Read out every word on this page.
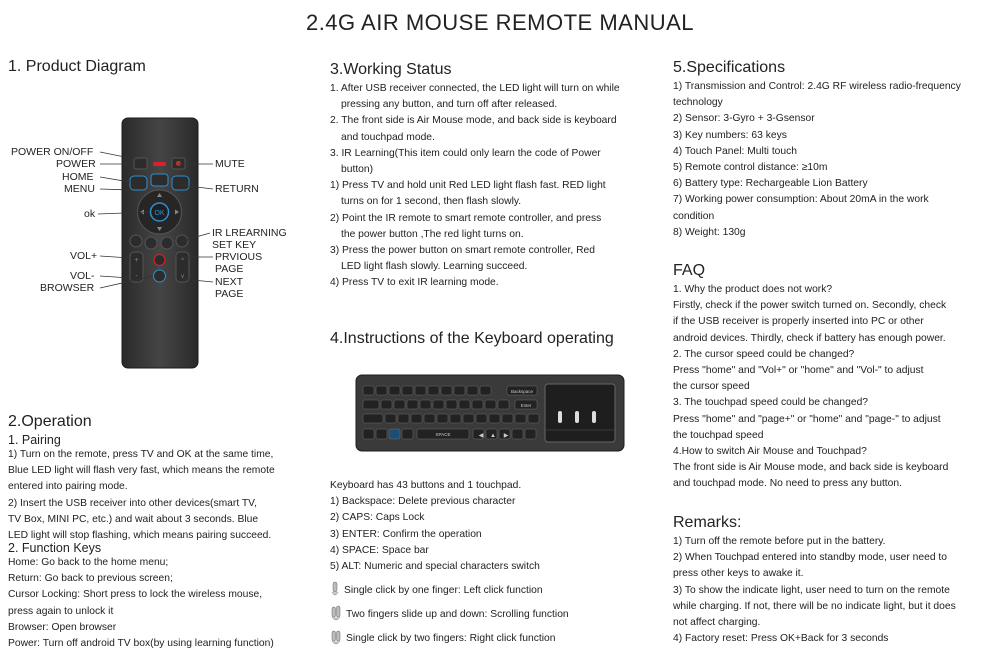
2.4G AIR MOUSE REMOTE MANUAL
1. Product Diagram
OK
+
-
^
v
POWER ON/OFF
POWER
HOME
MENU
ok
VOL+
VOL-
BROWSER
MUTE
RETURN
IR LREARNING
SET KEY
PRVIOUS
PAGE
NEXT
PAGE
2.Operation
1. Pairing
1) Turn on the remote, press TV and OK at the same time,
Blue LED light will flash very fast, which means the remote
entered into pairing mode.
2) Insert the USB receiver into other devices(smart TV,
TV Box, MINI PC, etc.) and wait about 3 seconds. Blue
LED light will stop flashing, which means pairing succeed.
2. Function Keys
Home: Go back to the home menu;
Return: Go back to previous screen;
Cursor Locking: Short press to lock the wireless mouse,
press again to unlock it
Browser: Open browser
Power: Turn off android TV box(by using learning function)
3.Working Status
1. After USB receiver connected, the LED light will turn on while
pressing any button, and turn off after released.
2. The front side is Air Mouse mode, and back side is keyboard
and touchpad mode.
3. IR Learning(This item could only learn the code of Power
button)
1) Press TV and hold unit Red LED light flash fast. RED light
turns on for 1 second, then flash slowly.
2) Point the IR remote to smart remote controller, and press
the power button ,The red light turns on.
3) Press the power button on smart remote controller, Red
LED light flash slowly. Learning succeed.
4) Press TV to exit IR learning mode.
4.Instructions of the Keyboard operating
Backspace
Enter
SPACE	◀ ▲ ▶
Keyboard has 43 buttons and 1 touchpad.
1) Backspace: Delete previous character
2) CAPS: Caps Lock
3) ENTER: Confirm the operation
4) SPACE: Space bar
5) ALT: Numeric and special characters switch
Single click by one finger: Left click function
Two fingers slide up and down: Scrolling function
Single click by two fingers: Right click function
5.Specifications
1) Transmission and Control: 2.4G RF wireless radio-frequency
technology
2) Sensor: 3-Gyro + 3-Gsensor
3) Key numbers: 63 keys
4) Touch Panel: Multi touch
5) Remote control distance: ≥10m
6) Battery type: Rechargeable Lion Battery
7) Working power consumption: About 20mA in the work
condition
8) Weight: 130g
FAQ
1. Why the product does not work?
Firstly, check if the power switch turned on. Secondly, check
if the USB receiver is properly inserted into PC or other
android devices. Thirdly, check if battery has enough power.
2. The cursor speed could be changed?
Press "home" and "Vol+" or "home" and "Vol-" to adjust
the cursor speed
3. The touchpad speed could be changed?
Press "home" and "page+" or "home" and "page-" to adjust
the touchpad speed
4.How to switch Air Mouse and Touchpad?
The front side is Air Mouse mode, and back side is keyboard
and touchpad mode. No need to press any button.
Remarks:
1) Turn off the remote before put in the battery.
2) When Touchpad entered into standby mode, user need to
press other keys to awake it.
3) To show the indicate light, user need to turn on the remote
while charging. If not, there will be no indicate light, but it does
not affect charging.
4) Factory reset: Press OK+Back for 3 seconds
